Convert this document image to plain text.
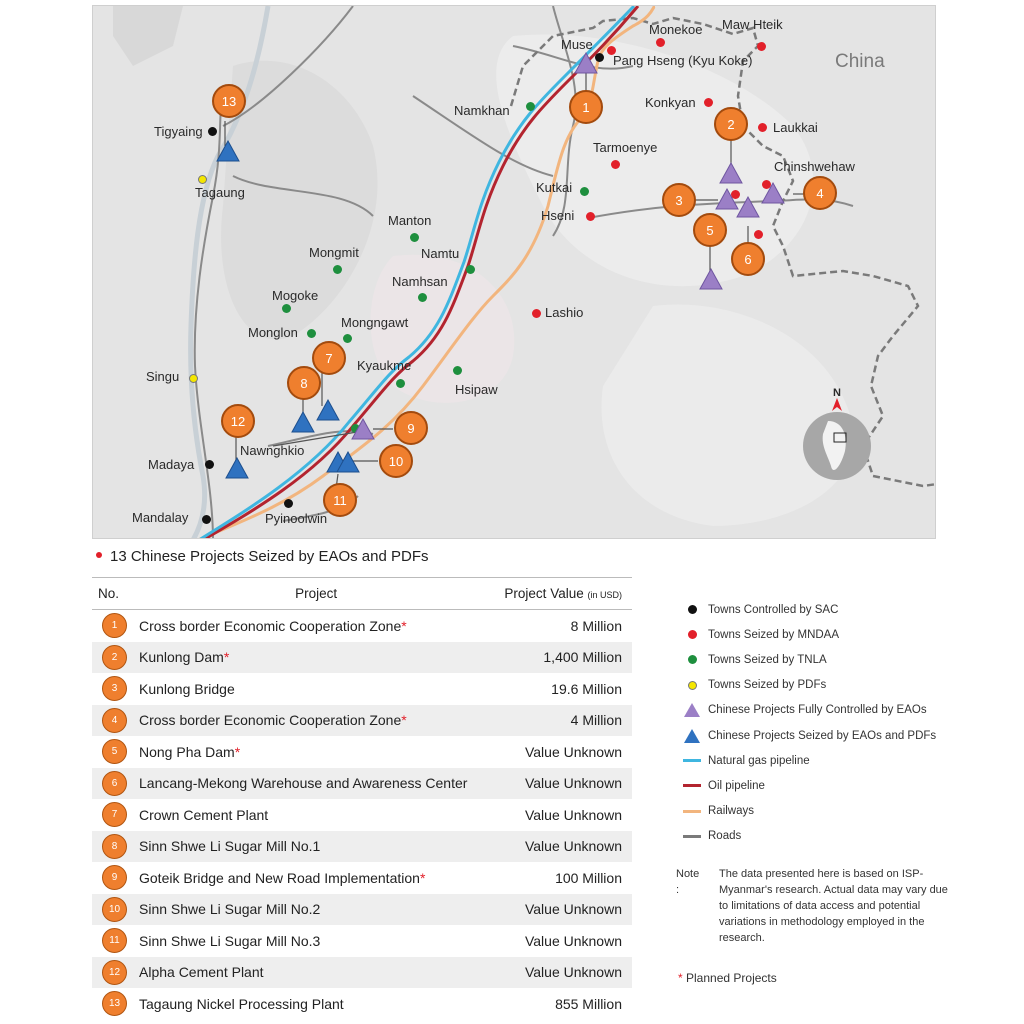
China
N
Muse
Pang Hseng (Kyu Koke)
Monekoe Maw Hteik
Konkyan
Laukkai
Tarmoenye
Chinshwehaw
Namkhan
Kutkai
Hseni
Lashio
Manton
Mongmit	Namtu
Namhsan
Mogoke
Monglon
Mongngawt
Kyaukme
Hsipaw
Tigyaing
Tagaung
Singu
Madaya
Nawnghkio
Mandalay	Pyinoolwin
1
2
3	4
5
6
7
8
9
10
11
12
13
13 Chinese Projects Seized by EAOs and PDFs
No.	Project	Project Value (in USD)
1	Cross border Economic Cooperation Zone*	8 Million
2	Kunlong Dam*	1,400 Million
3	Kunlong Bridge	19.6 Million
4	Cross border Economic Cooperation Zone*	4 Million
5	Nong Pha Dam*	Value Unknown
6	Lancang-Mekong Warehouse and Awareness Center	Value Unknown
7	Crown Cement Plant	Value Unknown
8	Sinn Shwe Li Sugar Mill No.1	Value Unknown
9	Goteik Bridge and New Road Implementation*	100 Million
10	Sinn Shwe Li Sugar Mill No.2	Value Unknown
11	Sinn Shwe Li Sugar Mill No.3	Value Unknown
12	Alpha Cement Plant	Value Unknown
13	Tagaung Nickel Processing Plant	855 Million
Towns Controlled by SAC
Towns Seized by MNDAA
Towns Seized by TNLA
Towns Seized by PDFs
Chinese Projects Fully Controlled by EAOs
Chinese Projects Seized by EAOs and PDFs
Natural gas pipeline
Oil pipeline
Railways
Roads
Note :
The data presented here is based on ISP-Myanmar's research. Actual data may vary due to limitations of data access and potential variations in methodology employed in the research.
* Planned Projects
